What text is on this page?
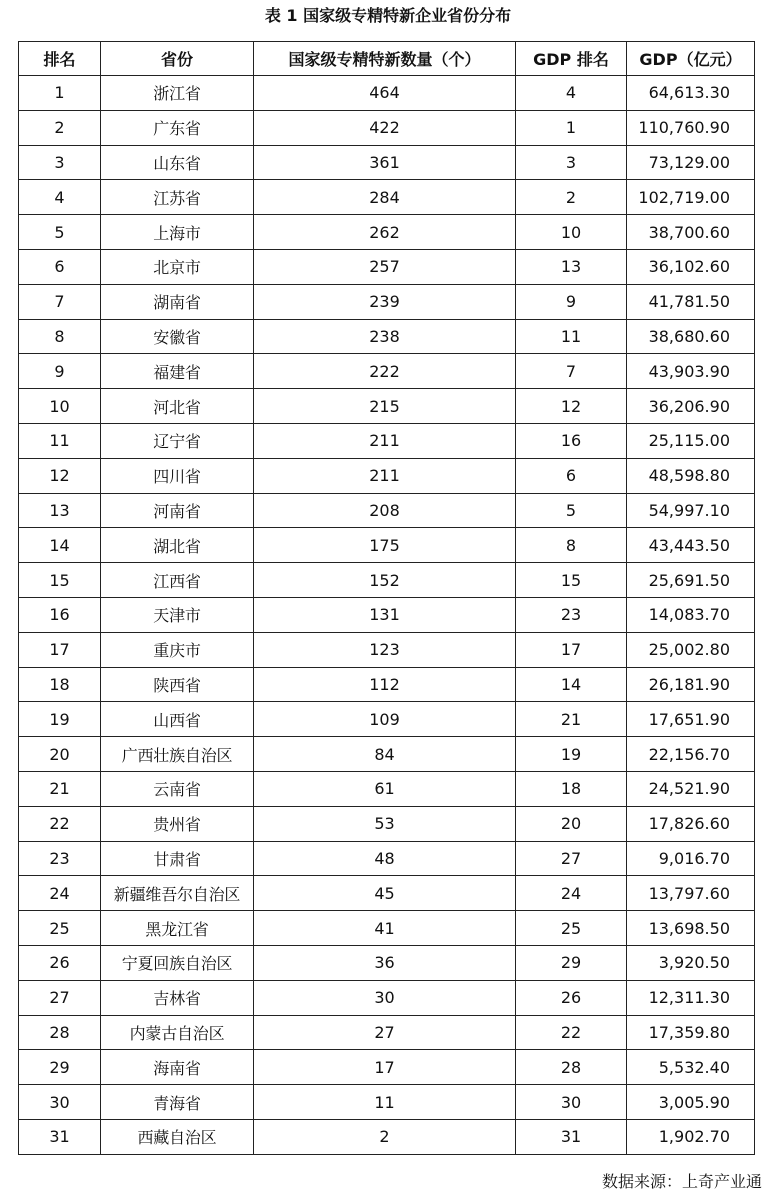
表 1 国家级专精特新企业省份分布
排名	省份	国家级专精特新数量（个）	GDP 排名	GDP（亿元）
1	浙江省	464	4	64,613.30
2	广东省	422	1	110,760.90
3	山东省	361	3	73,129.00
4	江苏省	284	2	102,719.00
5	上海市	262	10	38,700.60
6	北京市	257	13	36,102.60
7	湖南省	239	9	41,781.50
8	安徽省	238	11	38,680.60
9	福建省	222	7	43,903.90
10	河北省	215	12	36,206.90
11	辽宁省	211	16	25,115.00
12	四川省	211	6	48,598.80
13	河南省	208	5	54,997.10
14	湖北省	175	8	43,443.50
15	江西省	152	15	25,691.50
16	天津市	131	23	14,083.70
17	重庆市	123	17	25,002.80
18	陕西省	112	14	26,181.90
19	山西省	109	21	17,651.90
20	广西壮族自治区	84	19	22,156.70
21	云南省	61	18	24,521.90
22	贵州省	53	20	17,826.60
23	甘肃省	48	27	9,016.70
24	新疆维吾尔自治区	45	24	13,797.60
25	黑龙江省	41	25	13,698.50
26	宁夏回族自治区	36	29	3,920.50
27	吉林省	30	26	12,311.30
28	内蒙古自治区	27	22	17,359.80
29	海南省	17	28	5,532.40
30	青海省	11	30	3,005.90
31	西藏自治区	2	31	1,902.70
数据来源：上奇产业通
